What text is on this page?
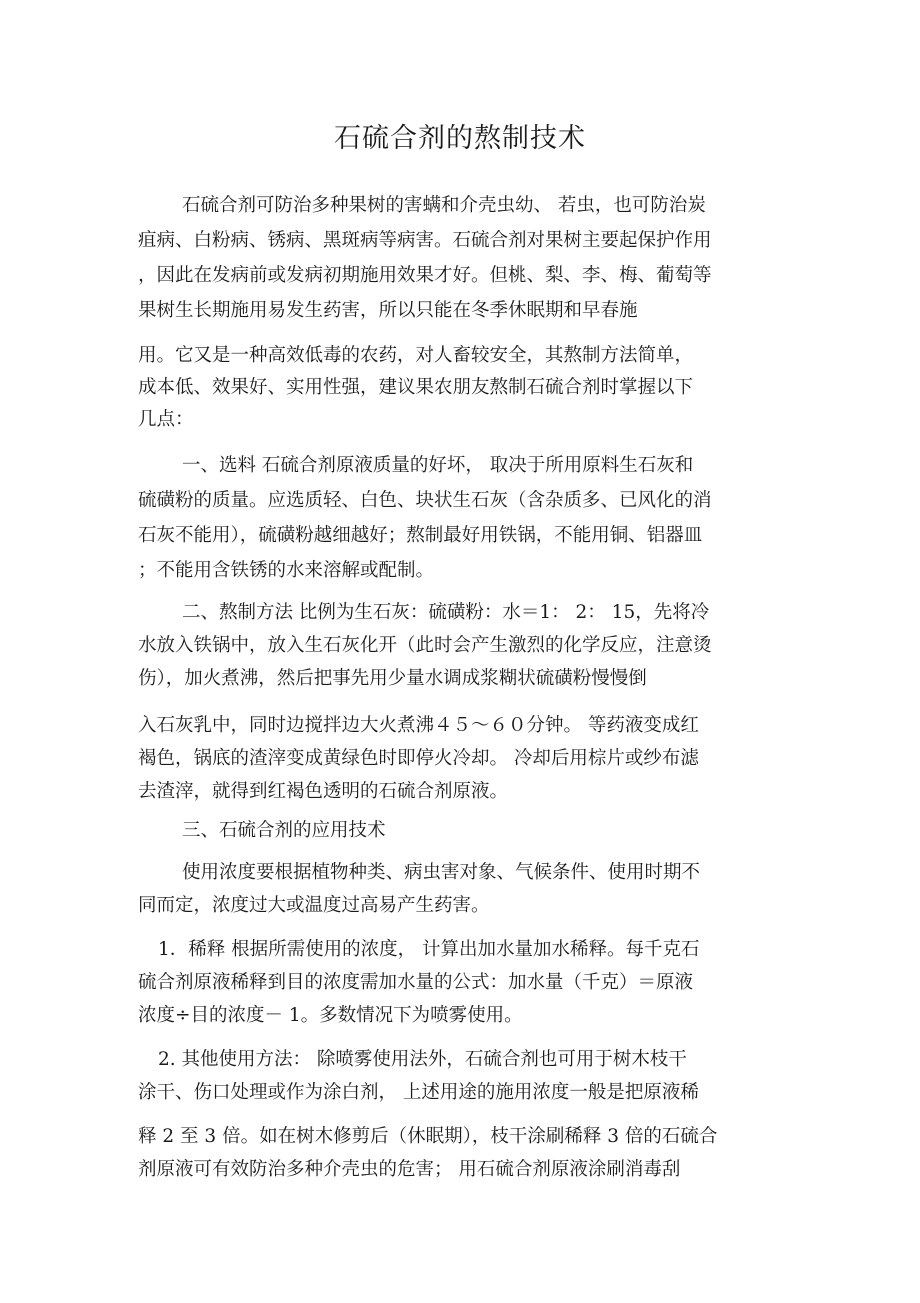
石硫合剂的熬制技术

石硫合剂可防治多种果树的害螨和介壳虫幼、 若虫，也可防治炭

疽病、白粉病、锈病、黑斑病等病害。石硫合剂对果树主要起保护作用

，因此在发病前或发病初期施用效果才好。但桃、梨、李、梅、葡萄等

果树生长期施用易发生药害，所以只能在冬季休眠期和早春施

用。它又是一种高效低毒的农药，对人畜较安全，其熬制方法简单，

成本低、效果好、实用性强，建议果农朋友熬制石硫合剂时掌握以下

几点：

一、选料 石硫合剂原液质量的好坏， 取决于所用原料生石灰和

硫磺粉的质量。应选质轻、白色、块状生石灰（含杂质多、已风化的消

石灰不能用），硫磺粉越细越好；熬制最好用铁锅，不能用铜、铝器皿

；不能用含铁锈的水来溶解或配制。

二、熬制方法 比例为生石灰：硫磺粉：水＝1： 2： 15，先将冷

水放入铁锅中，放入生石灰化开（此时会产生激烈的化学反应，注意烫

伤），加火煮沸，然后把事先用少量水调成浆糊状硫磺粉慢慢倒

入石灰乳中，同时边搅拌边大火煮沸４５～６０分钟。 等药液变成红

褐色，锅底的渣滓变成黄绿色时即停火冷却。 冷却后用棕片或纱布滤

去渣滓，就得到红褐色透明的石硫合剂原液。

三、石硫合剂的应用技术

使用浓度要根据植物种类、病虫害对象、气候条件、使用时期不

同而定，浓度过大或温度过高易产生药害。

1．稀释 根据所需使用的浓度， 计算出加水量加水稀释。每千克石

硫合剂原液稀释到目的浓度需加水量的公式：加水量（千克）＝原液

浓度÷目的浓度－ 1。多数情况下为喷雾使用。

2. 其他使用方法： 除喷雾使用法外，石硫合剂也可用于树木枝干

涂干、伤口处理或作为涂白剂， 上述用途的施用浓度一般是把原液稀

释 2 至 3 倍。如在树木修剪后（休眠期），枝干涂刷稀释 3 倍的石硫合

剂原液可有效防治多种介壳虫的危害； 用石硫合剂原液涂刷消毒刮
